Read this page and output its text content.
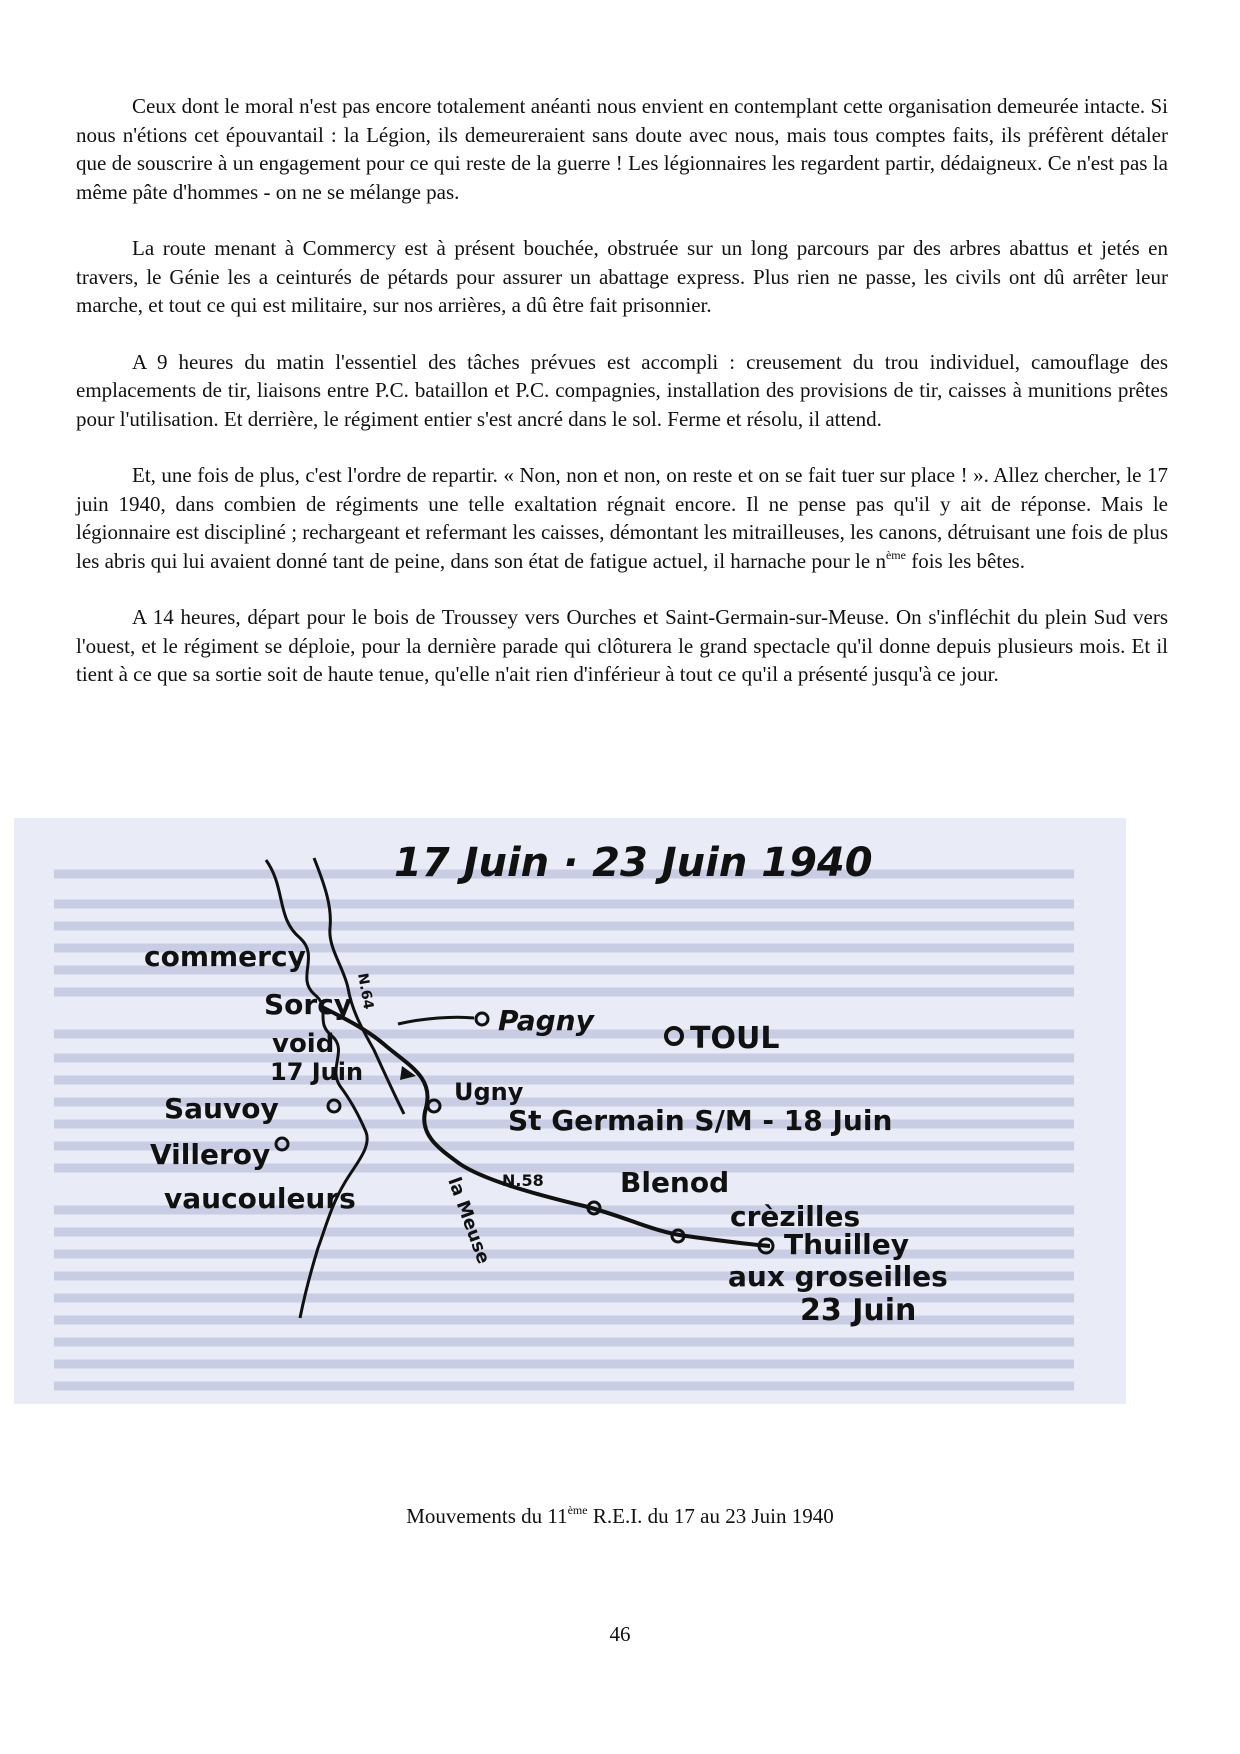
Ceux dont le moral n'est pas encore totalement anéanti nous envient en contemplant cette organisation demeurée intacte. Si nous n'étions cet épouvantail : la Légion, ils demeureraient sans doute avec nous, mais tous comptes faits, ils préfèrent détaler que de souscrire à un engagement pour ce qui reste de la guerre ! Les légionnaires les regardent partir, dédaigneux. Ce n'est pas la même pâte d'hommes - on ne se mélange pas.

La route menant à Commercy est à présent bouchée, obstruée sur un long parcours par des arbres abattus et jetés en travers, le Génie les a ceinturés de pétards pour assurer un abattage express. Plus rien ne passe, les civils ont dû arrêter leur marche, et tout ce qui est militaire, sur nos arrières, a dû être fait prisonnier.

A 9 heures du matin l'essentiel des tâches prévues est accompli : creusement du trou individuel, camouflage des emplacements de tir, liaisons entre P.C. bataillon et P.C. compagnies, installation des provisions de tir, caisses à munitions prêtes pour l'utilisation. Et derrière, le régiment entier s'est ancré dans le sol. Ferme et résolu, il attend.

Et, une fois de plus, c'est l'ordre de repartir. « Non, non et non, on reste et on se fait tuer sur place ! ». Allez chercher, le 17 juin 1940, dans combien de régiments une telle exaltation régnait encore. Il ne pense pas qu'il y ait de réponse. Mais le légionnaire est discipliné ; rechargeant et refermant les caisses, démontant les mitrailleuses, les canons, détruisant une fois de plus les abris qui lui avaient donné tant de peine, dans son état de fatigue actuel, il harnache pour le $n^{ème}$ fois les bêtes.

A 14 heures, départ pour le bois de Troussey vers Ourches et Saint-Germain-sur-Meuse. On s'infléchit du plein Sud vers l'ouest, et le régiment se déploie, pour la dernière parade qui clôturera le grand spectacle qu'il donne depuis plusieurs mois. Et il tient à ce que sa sortie soit de haute tenue, qu'elle n'ait rien d'inférieur à tout ce qu'il a présenté jusqu'à ce jour.

17 Juin · 23 Juin 1940
commercy
N.64
Sorcy
void
17 Juin
Pagny
TOUL
Sauvoy	Ugny
St Germain S/M - 18 Juin
Villeroy
N.58
vaucouleurs	la Meuse	Blenod
crèzilles
Thuilley
aux groseilles
23 Juin
Mouvements du 11ème R.E.I. du 17 au 23 Juin 1940
46
